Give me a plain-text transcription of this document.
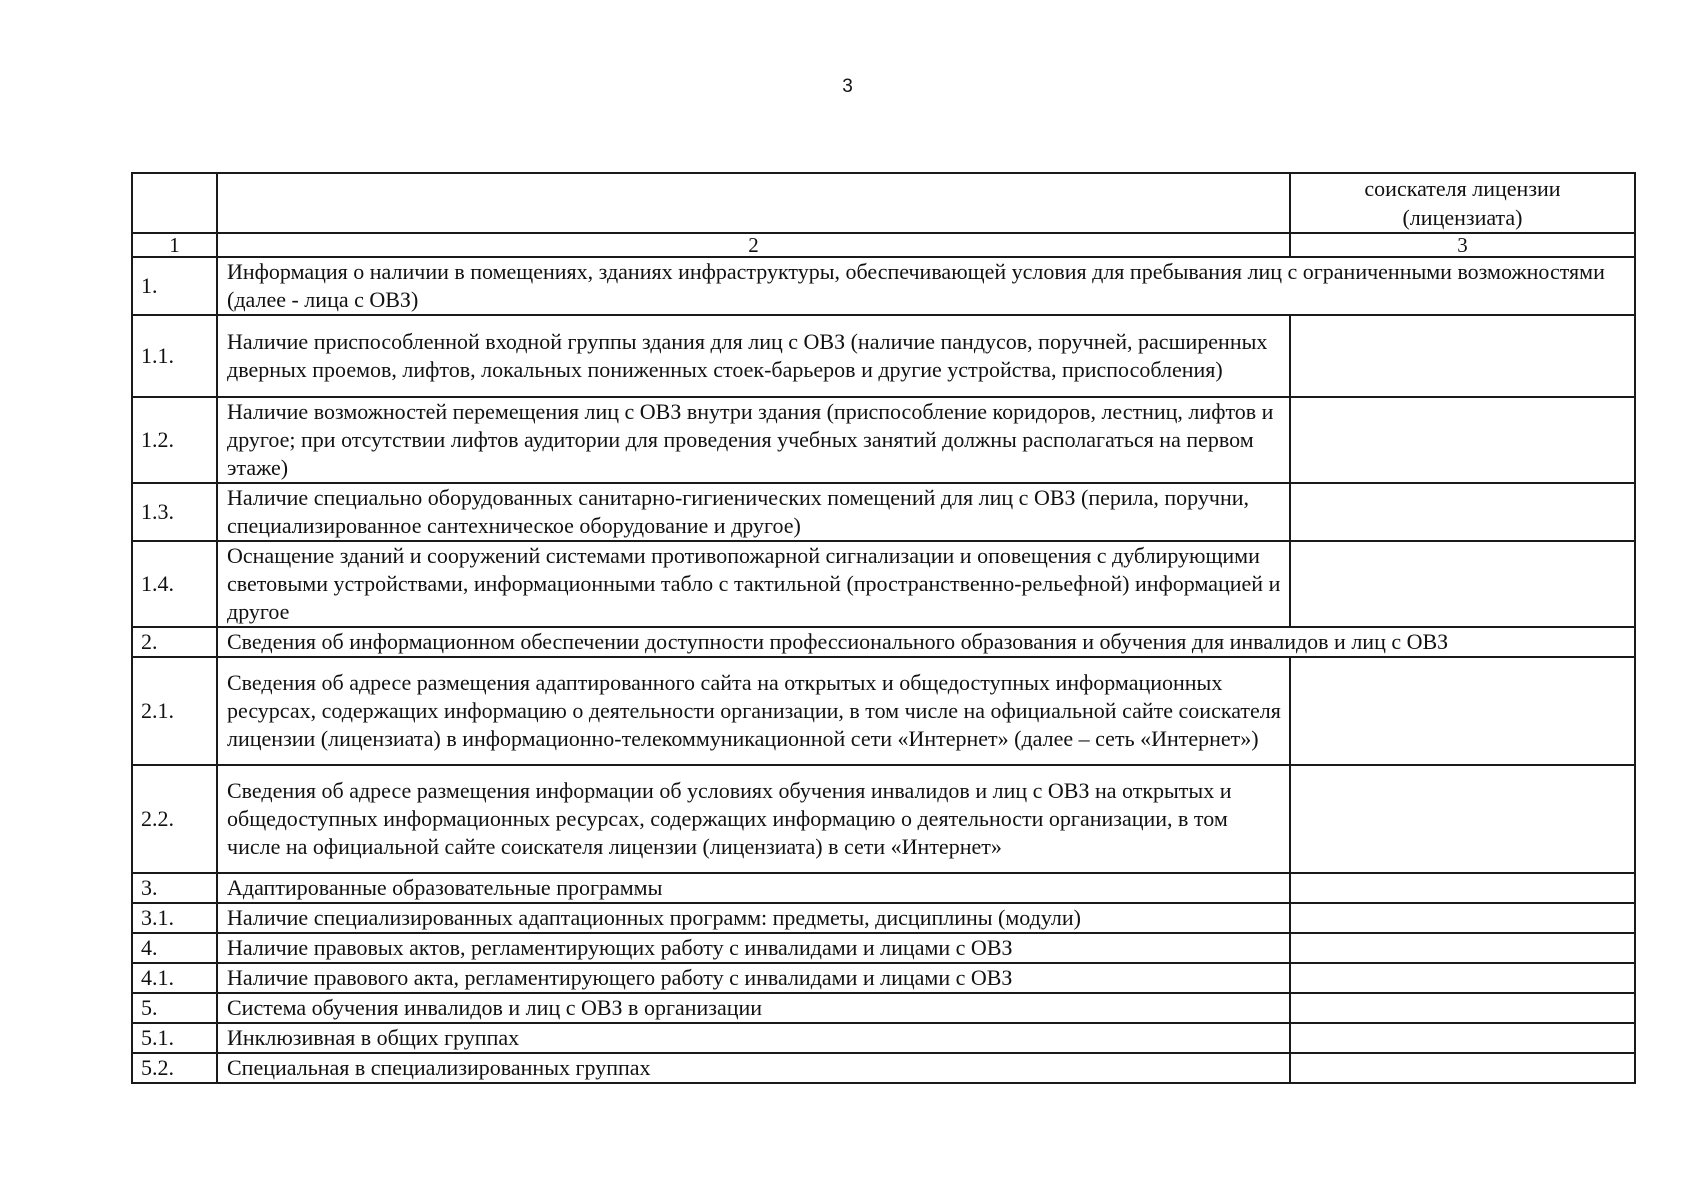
3

		соискателя лицензии
(лицензиата)

1	2	3
1.	Информация о наличии в помещениях, зданиях инфраструктуры, обеспечивающей условия для пребывания лиц с ограниченными возможностями (далее - лица с ОВЗ)	
1.1.	Наличие приспособленной входной группы здания для лиц с ОВЗ (наличие пандусов, поручней, расширенных дверных проемов, лифтов, локальных пониженных стоек-барьеров и другие устройства, приспособления)	
1.2.	Наличие возможностей перемещения лиц с ОВЗ внутри здания (приспособление коридоров, лестниц, лифтов и другое; при отсутствии лифтов аудитории для проведения учебных занятий должны располагаться на первом этаже)	
1.3.	Наличие специально оборудованных санитарно-гигиенических помещений для лиц с ОВЗ (перила, поручни, специализированное сантехническое оборудование и другое)	
1.4.	Оснащение зданий и сооружений системами противопожарной сигнализации и оповещения с дублирующими световыми устройствами, информационными табло с тактильной (пространственно-рельефной) информацией и другое	
2.	Сведения об информационном обеспечении доступности профессионального образования и обучения для инвалидов и лиц с ОВЗ	
2.1.	Сведения об адресе размещения адаптированного сайта на открытых и общедоступных информационных ресурсах, содержащих информацию о деятельности организации, в том числе на официальной сайте соискателя лицензии (лицензиата) в информационно-телекоммуникационной сети «Интернет» (далее – сеть «Интернет»)	
2.2.	Сведения об адресе размещения информации об условиях обучения инвалидов и лиц с ОВЗ на открытых и общедоступных информационных ресурсах, содержащих информацию о деятельности организации, в том числе на официальной сайте соискателя лицензии (лицензиата) в сети «Интернет»	
3.	Адаптированные образовательные программы	
3.1.	Наличие специализированных адаптационных программ: предметы, дисциплины (модули)	
4.	Наличие правовых актов, регламентирующих работу с инвалидами и лицами с ОВЗ	
4.1.	Наличие правового акта, регламентирующего работу с инвалидами и лицами с ОВЗ	
5.	Система обучения инвалидов и лиц с ОВЗ в организации	
5.1.	Инклюзивная в общих группах	
5.2.	Специальная в специализированных группах	
